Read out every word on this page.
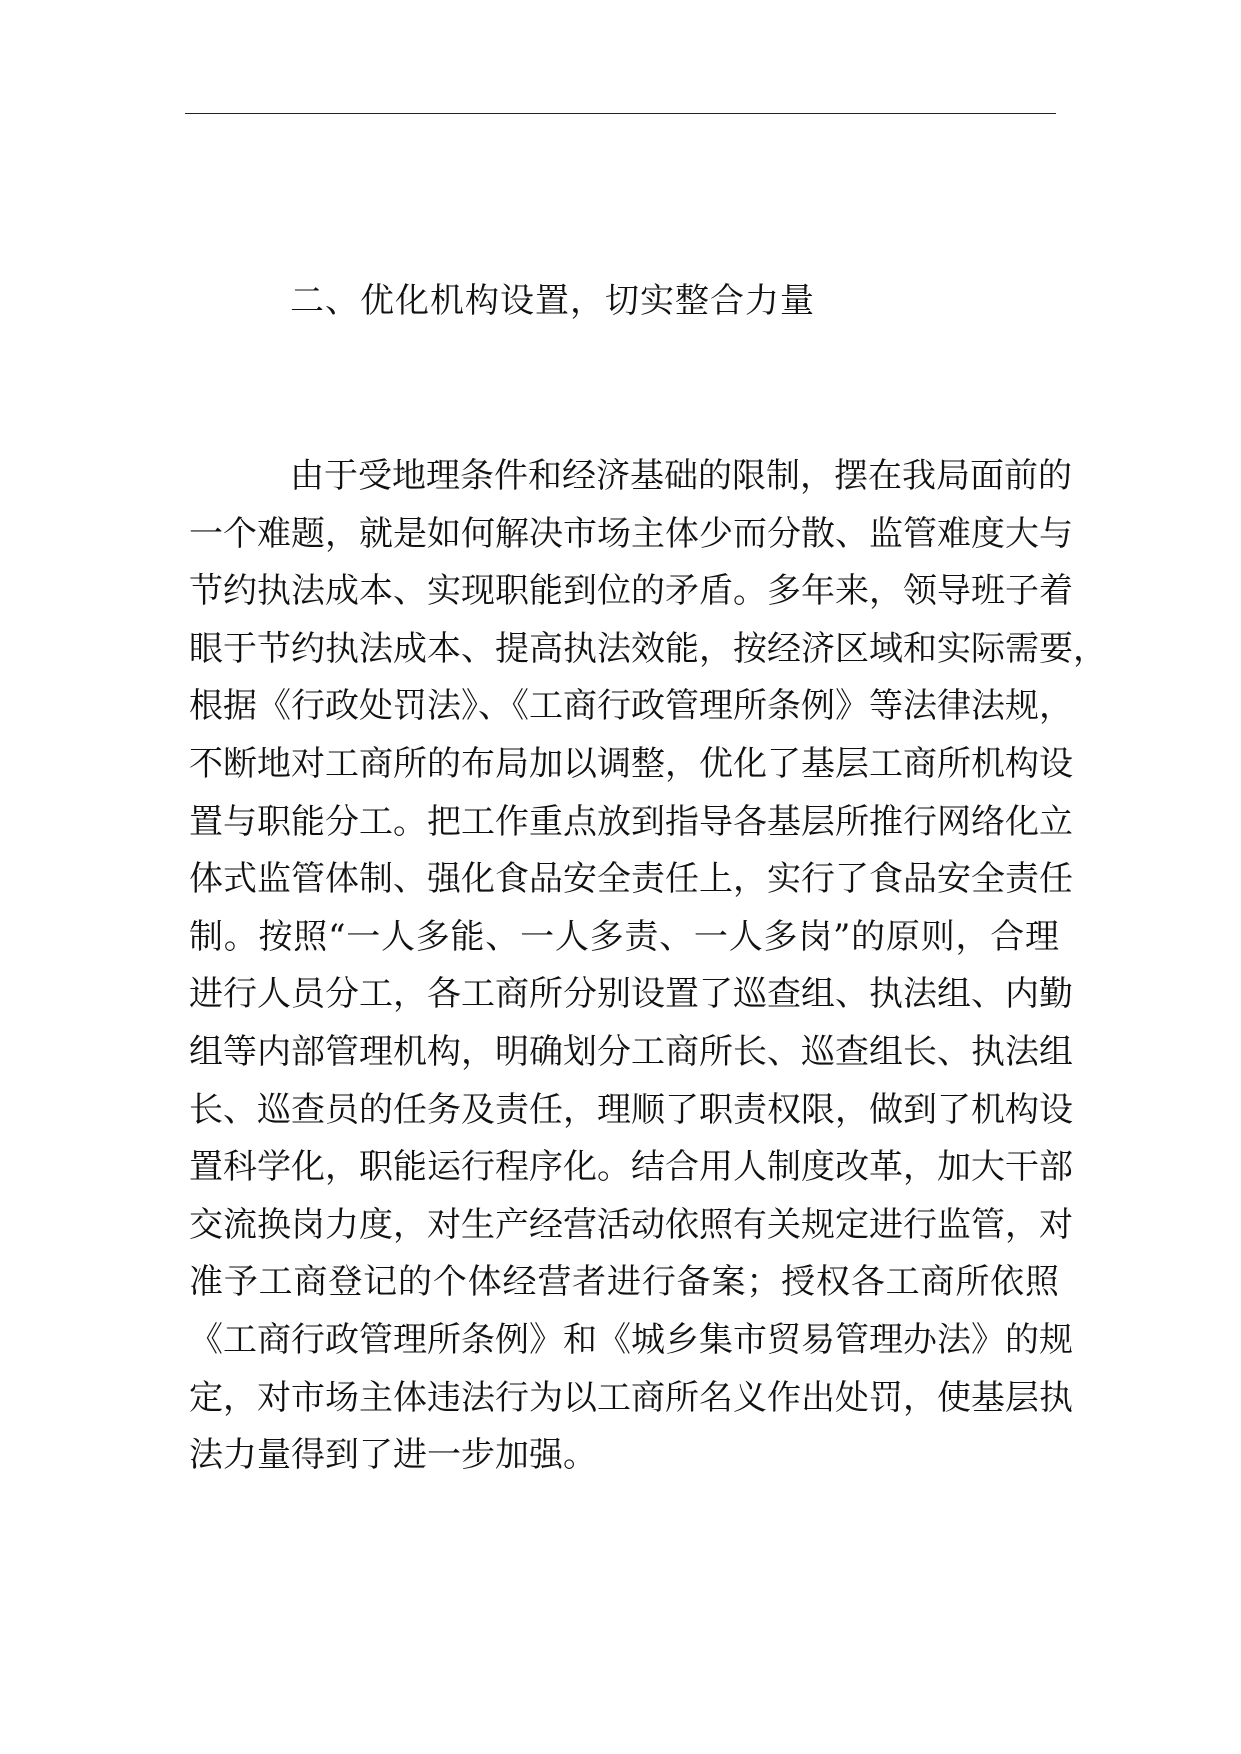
二、优化机构设置，切实整合力量
由于受地理条件和经济基础的限制，摆在我局面前的
一个难题，就是如何解决市场主体少而分散、监管难度大与
节约执法成本、实现职能到位的矛盾。多年来，领导班子着
眼于节约执法成本、提高执法效能，按经济区域和实际需要，
根据《行政处罚法》、《工商行政管理所条例》等法律法规，
不断地对工商所的布局加以调整，优化了基层工商所机构设
置与职能分工。把工作重点放到指导各基层所推行网络化立
体式监管体制、强化食品安全责任上，实行了食品安全责任
制。按照“一人多能、一人多责、一人多岗”的原则，合理
进行人员分工，各工商所分别设置了巡查组、执法组、内勤
组等内部管理机构，明确划分工商所长、巡查组长、执法组
长、巡查员的任务及责任，理顺了职责权限，做到了机构设
置科学化，职能运行程序化。结合用人制度改革，加大干部
交流换岗力度，对生产经营活动依照有关规定进行监管，对
准予工商登记的个体经营者进行备案；授权各工商所依照
《工商行政管理所条例》和《城乡集市贸易管理办法》的规
定，对市场主体违法行为以工商所名义作出处罚，使基层执
法力量得到了进一步加强。
